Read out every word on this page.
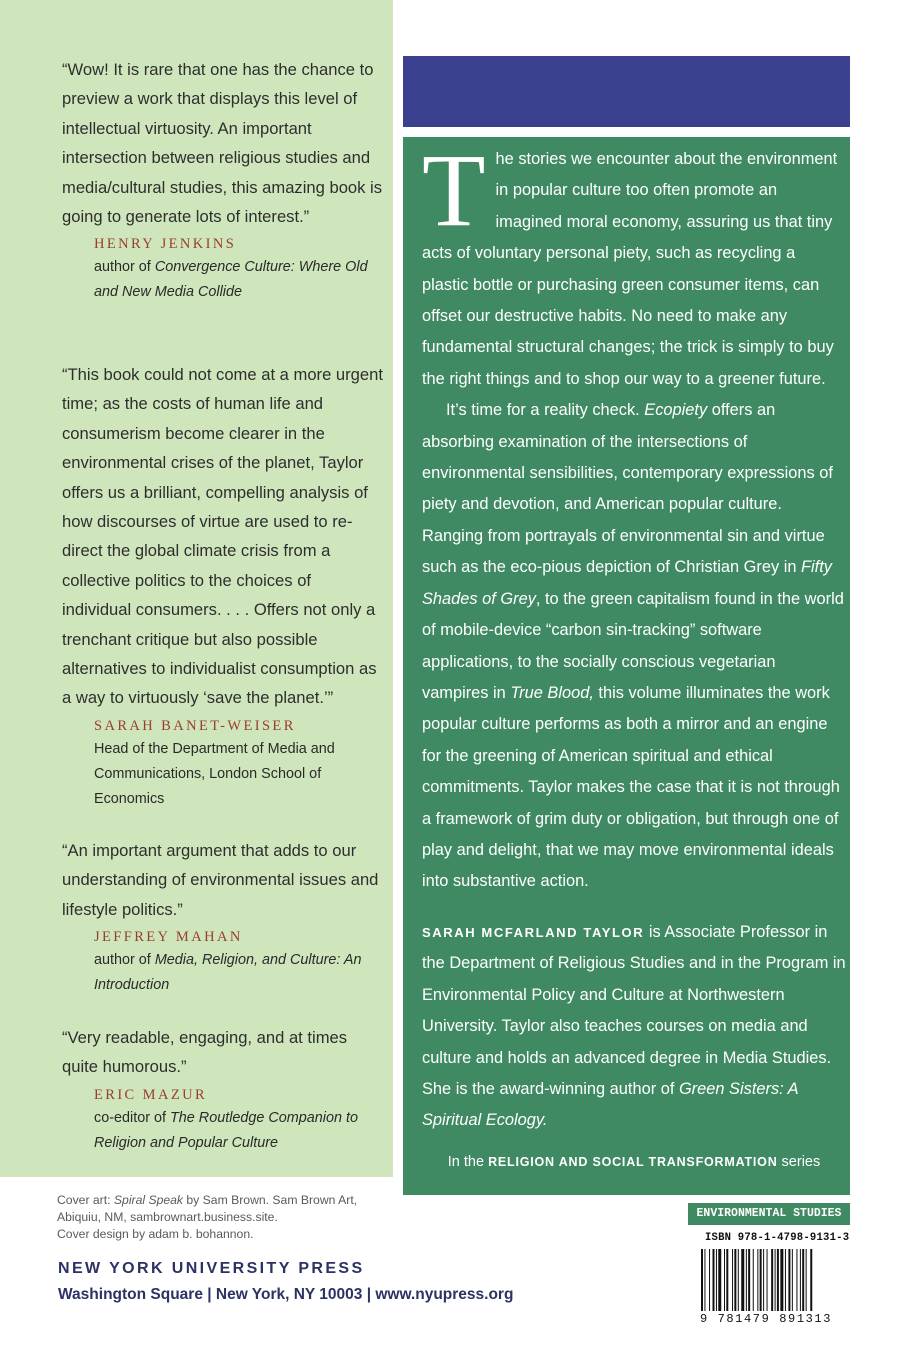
“Wow! It is rare that one has the chance to preview a work that displays this level of intellectual virtuosity. An important intersection between religious studies and media/cultural studies, this amazing book is going to generate lots of interest.”

HENRY JENKINS

author of Convergence Culture: Where Old and New Media Collide

“This book could not come at a more urgent time; as the costs of human life and consumerism become clearer in the environmental crises of the planet, Taylor offers us a brilliant, compelling analysis of how discourses of virtue are used to re-direct the global climate crisis from a collective politics to the choices of individual consumers. . . . Offers not only a trenchant critique but also possible alternatives to individualist consumption as a way to virtuously ‘save the planet.’”

SARAH BANET-WEISER

Head of the Department of Media and Communications, London School of Economics

“An important argument that adds to our understanding of environmental issues and lifestyle politics.”

JEFFREY MAHAN

author of Media, Religion, and Culture: An Introduction

“Very readable, engaging, and at times quite humorous.”

ERIC MAZUR

co-editor of The Routledge Companion to Religion and Popular Culture

The stories we encounter about the environment in popular culture too often promote an imagined moral economy, assuring us that tiny acts of voluntary personal piety, such as recycling a plastic bottle or purchasing green consumer items, can offset our destructive habits. No need to make any fundamental structural changes; the trick is simply to buy the right things and to shop our way to a greener future.

It’s time for a reality check. Ecopiety offers an absorbing examination of the intersections of environmental sensibilities, contemporary expressions of piety and devotion, and American popular culture. Ranging from portrayals of environmental sin and virtue such as the eco-pious depiction of Christian Grey in Fifty Shades of Grey, to the green capitalism found in the world of mobile-device “carbon sin-tracking” software applications, to the socially conscious vegetarian vampires in True Blood, this volume illuminates the work popular culture performs as both a mirror and an engine for the greening of American spiritual and ethical commitments. Taylor makes the case that it is not through a framework of grim duty or obligation, but through one of play and delight, that we may move environmental ideals into substantive action.

SARAH MCFARLAND TAYLOR is Associate Professor in the Department of Religious Studies and in the Program in Environmental Policy and Culture at Northwestern University. Taylor also teaches courses on media and culture and holds an advanced degree in Media Studies. She is the award-winning author of Green Sisters: A Spiritual Ecology.

In the RELIGION AND SOCIAL TRANSFORMATION series

Cover art: Spiral Speak by Sam Brown. Sam Brown Art, Abiquiu, NM, sambrownart.business.site.

Cover design by adam b. bohannon.

NEW YORK UNIVERSITY PRESS
Washington Square | New York, NY 10003 | www.nyupress.org
ENVIRONMENTAL STUDIES
ISBN 978-1-4798-9131-3
9 781479 891313
